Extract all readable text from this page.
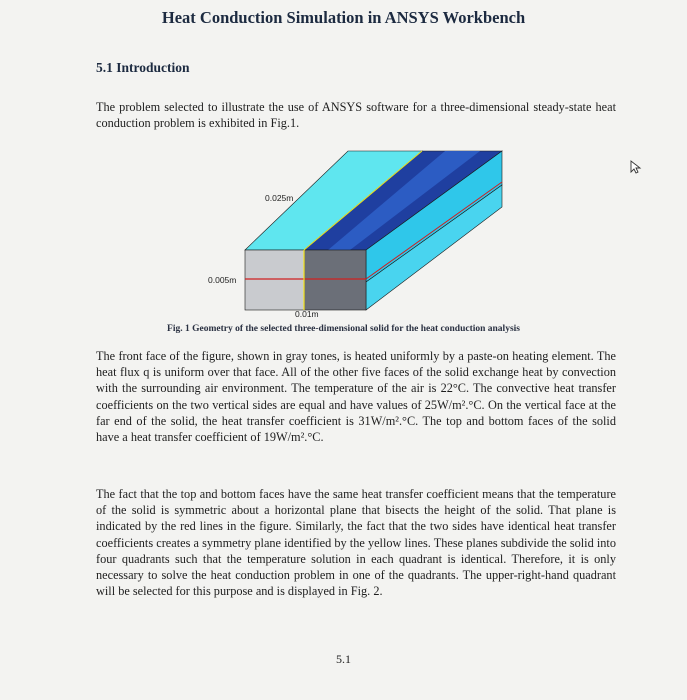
Heat Conduction Simulation in ANSYS Workbench
5.1 Introduction

The problem selected to illustrate the use of ANSYS software for a three-dimensional steady-state heat conduction problem is exhibited in Fig.1.

0.025m
0.005m
0.01m
Fig. 1 Geometry of the selected three-dimensional solid for the heat conduction analysis

The front face of the figure, shown in gray tones, is heated uniformly by a paste-on heating element. The heat flux q is uniform over that face. All of the other five faces of the solid exchange heat by convection with the surrounding air environment. The temperature of the air is 22°C. The convective heat transfer coefficients on the two vertical sides are equal and have values of 25W/m².°C. On the vertical face at the far end of the solid, the heat transfer coefficient is 31W/m².°C. The top and bottom faces of the solid have a heat transfer coefficient of 19W/m².°C.

The fact that the top and bottom faces have the same heat transfer coefficient means that the temperature of the solid is symmetric about a horizontal plane that bisects the height of the solid. That plane is indicated by the red lines in the figure. Similarly, the fact that the two sides have identical heat transfer coefficients creates a symmetry plane identified by the yellow lines. These planes subdivide the solid into four quadrants such that the temperature solution in each quadrant is identical. Therefore, it is only necessary to solve the heat conduction problem in one of the quadrants. The upper-right-hand quadrant will be selected for this purpose and is displayed in Fig. 2.

5.1
